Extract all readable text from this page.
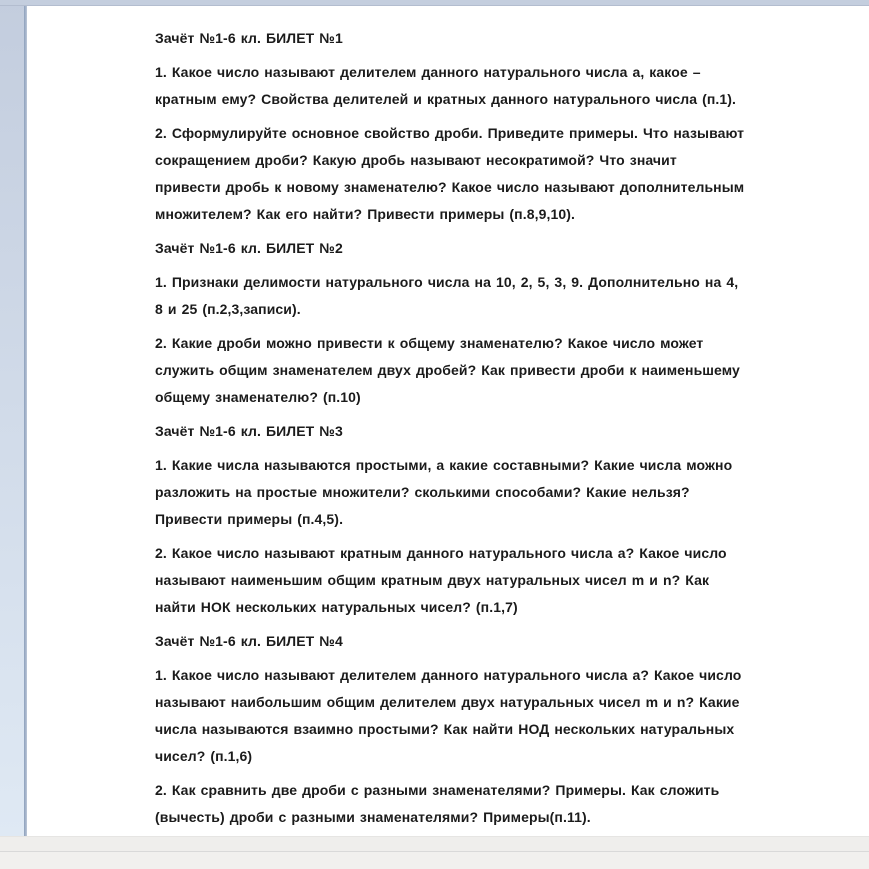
Зачёт №1-6 кл. БИЛЕТ №1
1. Какое число называют делителем данного натурального числа а, какое –
кратным ему? Свойства делителей и кратных данного натурального числа (п.1).
2. Сформулируйте основное свойство дроби. Приведите примеры. Что называют
сокращением дроби? Какую дробь называют несократимой? Что значит
привести дробь к новому знаменателю? Какое число называют дополнительным
множителем? Как его найти? Привести примеры (п.8,9,10).
Зачёт №1-6 кл. БИЛЕТ №2
1. Признаки делимости натурального числа на 10, 2, 5, 3, 9. Дополнительно на 4,
8 и 25 (п.2,3,записи).
2. Какие дроби можно привести к общему знаменателю? Какое число может
служить общим знаменателем двух дробей? Как привести дроби к наименьшему
общему знаменателю? (п.10)
Зачёт №1-6 кл. БИЛЕТ №3
1. Какие числа называются простыми, а какие составными? Какие числа можно
разложить на простые множители? сколькими способами? Какие нельзя?
Привести примеры (п.4,5).
2. Какое число называют кратным данного натурального числа а? Какое число
называют наименьшим общим кратным двух натуральных чисел m и n? Как
найти НОК нескольких натуральных чисел? (п.1,7)
Зачёт №1-6 кл. БИЛЕТ №4
1. Какое число называют делителем данного натурального числа а? Какое число
называют наибольшим общим делителем двух натуральных чисел m и n? Какие
числа называются взаимно простыми? Как найти НОД нескольких натуральных
чисел? (п.1,6)
2. Как сравнить две дроби с разными знаменателями? Примеры. Как сложить
(вычесть) дроби с разными знаменателями? Примеры(п.11).
